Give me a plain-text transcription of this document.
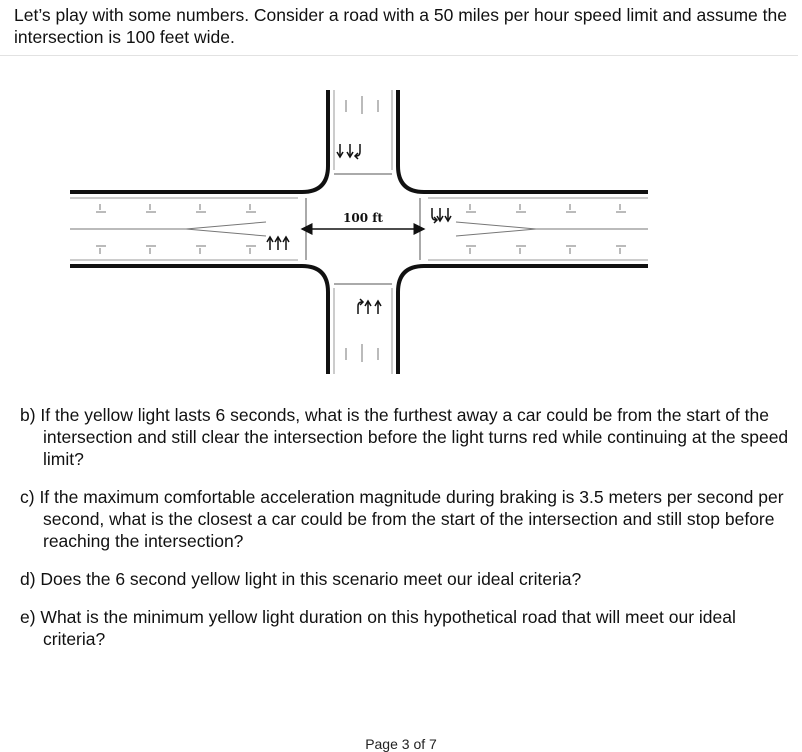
Let’s play with some numbers. Consider a road with a 50 miles per hour speed limit and assume the intersection is 100 feet wide.

100 ft
b) If the yellow light lasts 6 seconds, what is the furthest away a car could be from the start of the intersection and still clear the intersection before the light turns red while continuing at the speed limit?
c) If the maximum comfortable acceleration magnitude during braking is 3.5 meters per second per second, what is the closest a car could be from the start of the intersection and still stop before reaching the intersection?
d) Does the 6 second yellow light in this scenario meet our ideal criteria?
e) What is the minimum yellow light duration on this hypothetical road that will meet our ideal criteria?
Page 3 of 7
